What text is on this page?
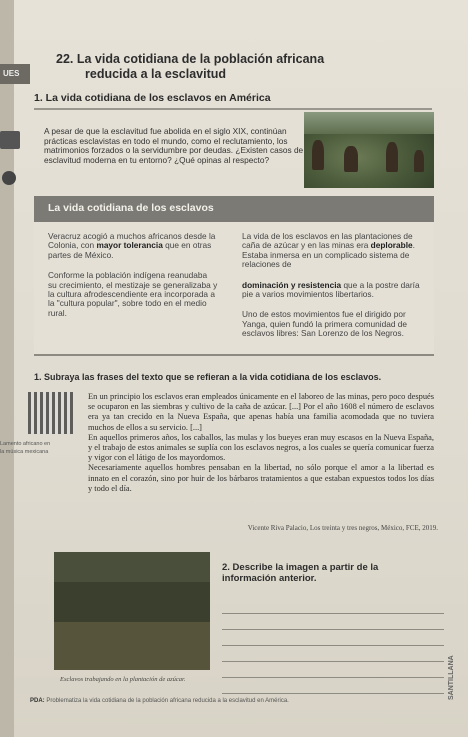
UES
22. La vida cotidiana de la población africana
reducida a la esclavitud
1. La vida cotidiana de los esclavos en América
A pesar de que la esclavitud fue abolida en el siglo XIX, continúan prácticas esclavistas en todo el mundo, como el reclutamiento, los matrimonios forzados o la servidumbre por deudas. ¿Existen casos de esclavitud moderna en tu entorno? ¿Qué opinas al respecto?
La vida cotidiana de los esclavos
Veracruz acogió a muchos africanos desde la Colonia, con mayor tolerancia que en otras partes de México.
Conforme la población indígena reanudaba su crecimiento, el mestizaje se generalizaba y la cultura afrodescendiente era incorporada a la "cultura popular", sobre todo en el medio rural.
La vida de los esclavos en las plantaciones de caña de azúcar y en las minas era deplorable. Estaba inmersa en un complicado sistema de relaciones de
dominación y resistencia que a la postre daría pie a varios movimientos libertarios.
Uno de estos movimientos fue el dirigido por Yanga, quien fundó la primera comunidad de esclavos libres: San Lorenzo de los Negros.
1. Subraya las frases del texto que se refieran a la vida cotidiana de los esclavos.
Lamento africano en la música mexicana

En un principio los esclavos eran empleados únicamente en el laboreo de las minas, pero poco después se ocuparon en las siembras y cultivo de la caña de azúcar. [...] Por el año 1608 el número de esclavos era ya tan crecido en la Nueva España, que apenas había una familia acomodada que no tuviera muchos de ellos a su servicio. [...]

En aquellos primeros años, los caballos, las mulas y los bueyes eran muy escasos en la Nueva España, y el trabajo de estos animales se suplía con los esclavos negros, a los cuales se quería comunicar fuerza y vigor con el látigo de los mayordomos.

Necesariamente aquellos hombres pensaban en la libertad, no sólo porque el amor a la libertad es innato en el corazón, sino por huir de los bárbaros tratamientos a que estaban expuestos todos los días y todo el día.

Vicente Riva Palacio, Los treinta y tres negros, México, FCE, 2019.
Esclavos trabajando en la plantación de azúcar.
2. Describe la imagen a partir de la información anterior.
PDA: Problematiza la vida cotidiana de la población africana reducida a la esclavitud en América.
SANTILLANA
